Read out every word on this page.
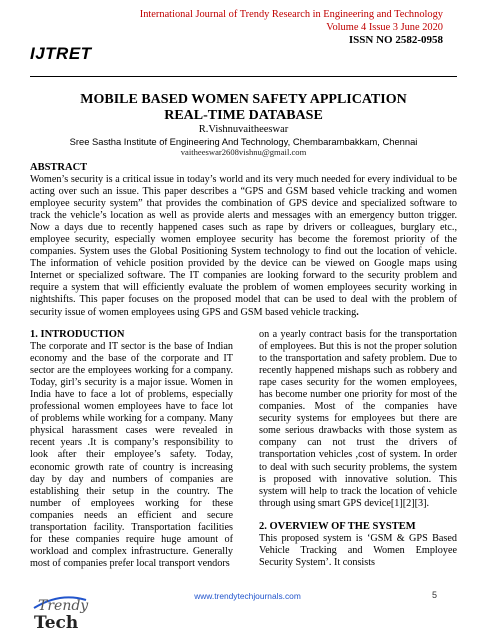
International Journal of Trendy Research in Engineering and Technology
Volume 4 Issue 3 June 2020
ISSN NO 2582-0958
IJTRET
MOBILE BASED WOMEN SAFETY APPLICATION
REAL-TIME DATABASE
R.Vishnuvaitheeswar
Sree Sastha Institute of Engineering And Technology, Chembarambakkam, Chennai
vaitheeswar2608vishnu@gmail.com
ABSTRACT

Women’s security is a critical issue in today’s world and its very much needed for every individual to be acting over such an issue. This paper describes a “GPS and GSM based vehicle tracking and women employee security system” that provides the combination of GPS device and specialized software to track the vehicle’s location as well as provide alerts and messages with an emergency button trigger. Now a days due to recently happened cases such as rape by drivers or colleagues, burglary etc., employee security, especially women employee security has become the foremost priority of the companies. System uses the Global Positioning System technology to find out the location of vehicle. The information of vehicle position provided by the device can be viewed on Google maps using Internet or specialized software. The IT companies are looking forward to the security problem and require a system that will efficiently evaluate the problem of women employees security working in nightshifts. This paper focuses on the proposed model that can be used to deal with the problem of security issue of women employees using GPS and GSM based vehicle tracking.

1. INTRODUCTION

The corporate and IT sector is the base of Indian economy and the base of the corporate and IT sector are the employees working for a company. Today, girl’s security is a major issue. Women in India have to face a lot of problems, especially professional women employees have to face lot of problems while working for a company. Many physical harassment cases were revealed in recent years .It is company’s responsibility to look after their employee’s safety. Today, economic growth rate of country is increasing day by day and numbers of companies are establishing their setup in the country. The number of employees working for these companies needs an efficient and secure transportation facility. Transportation facilities for these companies require huge amount of workload and complex infrastructure. Generally most of companies prefer local transport vendors

on a yearly contract basis for the transportation of employees. But this is not the proper solution to the transportation and safety problem. Due to recently happened mishaps such as robbery and rape cases security for the women employees, has become number one priority for most of the companies. Most of the companies have security systems for employees but there are some serious drawbacks with those system as company can not trust the drivers of transportation vehicles ,cost of system. In order to deal with such security problems, the system is proposed with innovative solution. This system will help to track the location of vehicle through using smart GPS device[1][2][3].

2. OVERVIEW OF THE SYSTEM

This proposed system is ‘GSM & GPS Based Vehicle Tracking and Women Employee Security System’. It consists

Trendy
Tech
www.trendytechjournals.com	5
